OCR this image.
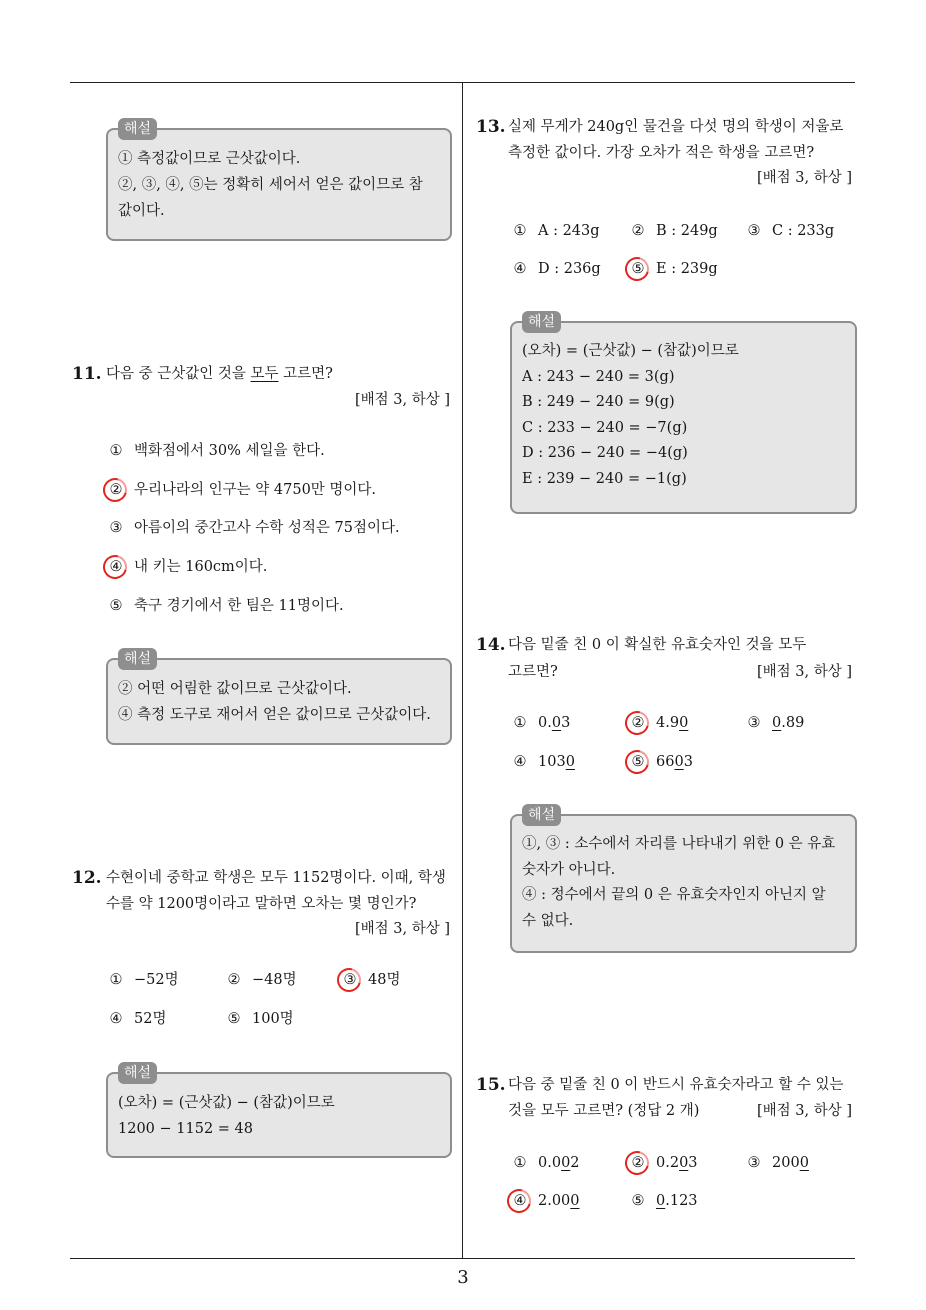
해설
① 측정값이므로 근삿값이다.
②, ③, ④, ⑤는 정확히 세어서 얻은 값이므로 참
값이다.
11. 다음 중 근삿값인 것을 모두 고르면?
[배점 3, 하상 ]
① 백화점에서 30% 세일을 한다.
② 우리나라의 인구는 약 4750만 명이다.
③ 아름이의 중간고사 수학 성적은 75점이다.
④ 내 키는 160cm이다.
⑤ 축구 경기에서 한 팀은 11명이다.
해설
② 어떤 어림한 값이므로 근삿값이다.
④ 측정 도구로 재어서 얻은 값이므로 근삿값이다.
12. 수현이네 중학교 학생은 모두 1152명이다. 이때, 학생
수를 약 1200명이라고 말하면 오차는 몇 명인가?
[배점 3, 하상 ]
① −52명	② −48명	③ 48명
④ 52명	⑤ 100명
해설
(오차) = (근삿값) − (참값)이므로
1200 − 1152 = 48
13. 실제 무게가 240g인 물건을 다섯 명의 학생이 저울로
측정한 값이다. 가장 오차가 적은 학생을 고르면?
[배점 3, 하상 ]
① A : 243g ② B : 249g ③ C : 233g
④ D : 236g ⑤ E : 239g
해설
(오차) = (근삿값) − (참값)이므로
A : 243 − 240 = 3(g)
B : 249 − 240 = 9(g)
C : 233 − 240 = −7(g)
D : 236 − 240 = −4(g)
E : 239 − 240 = −1(g)
14. 다음 밑줄 친 0 이 확실한 유효숫자인 것을 모두
고르면?	[배점 3, 하상 ]
① 0.03	② 4.90	③ 0.89
④ 1030	⑤ 6603
해설
①, ③ : 소수에서 자리를 나타내기 위한 0 은 유효
숫자가 아니다.
④ : 정수에서 끝의 0 은 유효숫자인지 아닌지 알
수 없다.
15. 다음 중 밑줄 친 0 이 반드시 유효숫자라고 할 수 있는
것을 모두 고르면? (정답 2 개)	[배점 3, 하상 ]
① 0.002	② 0.203	③ 2000
④ 2.000	⑤ 0.123
3
